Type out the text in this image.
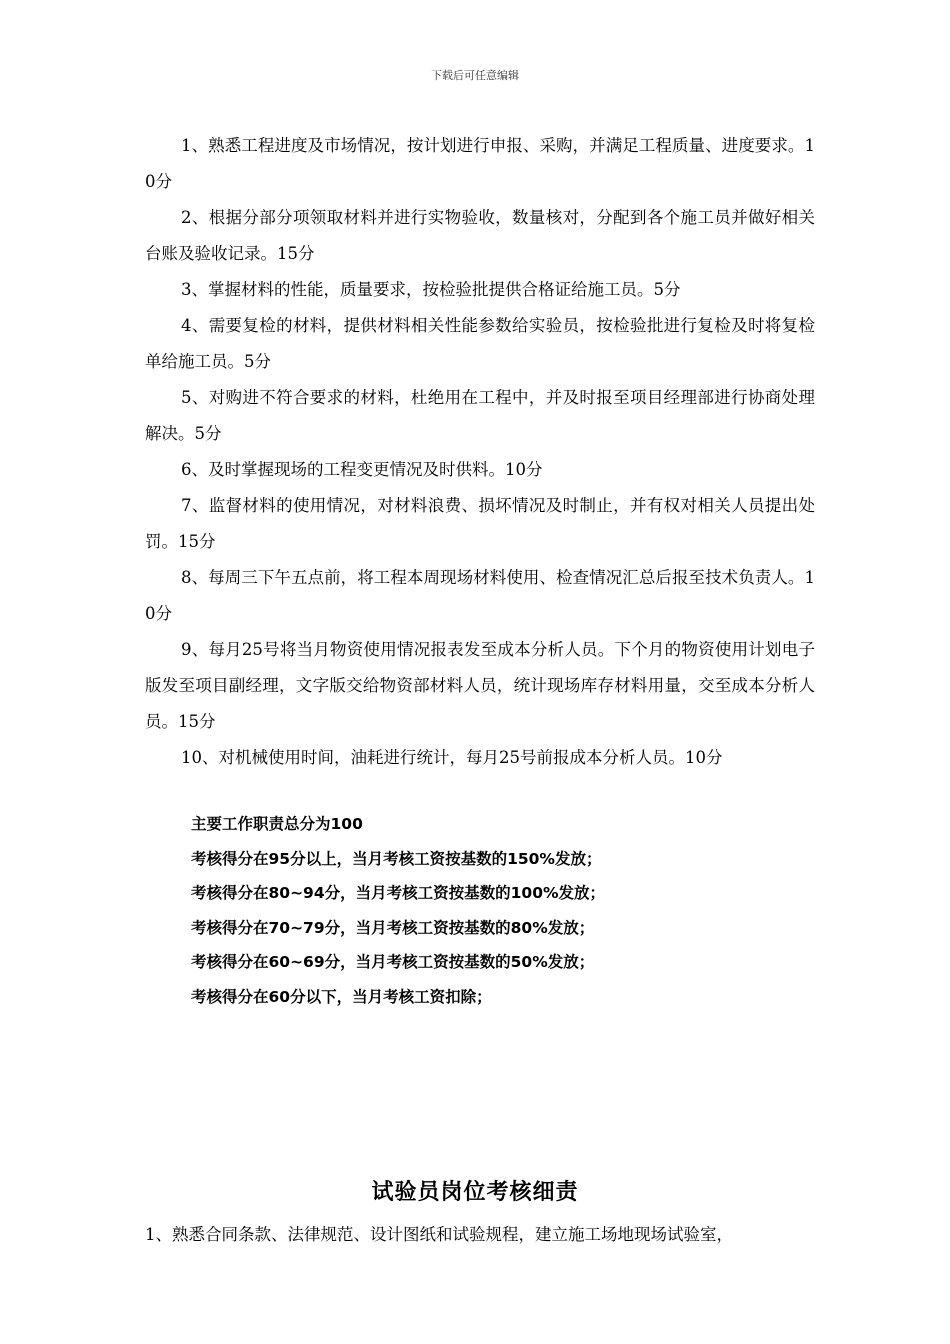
下载后可任意编辑

1、熟悉工程进度及市场情况，按计划进行申报、采购，并满足工程质量、进度要求。10分

2、根据分部分项领取材料并进行实物验收，数量核对，分配到各个施工员并做好相关台账及验收记录。15分

3、掌握材料的性能，质量要求，按检验批提供合格证给施工员。5分

4、需要复检的材料，提供材料相关性能参数给实验员，按检验批进行复检及时将复检单给施工员。5分

5、对购进不符合要求的材料，杜绝用在工程中，并及时报至项目经理部进行协商处理解决。5分

6、及时掌握现场的工程变更情况及时供料。10分

7、监督材料的使用情况，对材料浪费、损坏情况及时制止，并有权对相关人员提出处罚。15分

8、每周三下午五点前，将工程本周现场材料使用、检查情况汇总后报至技术负责人。10分

9、每月25号将当月物资使用情况报表发至成本分析人员。下个月的物资使用计划电子版发至项目副经理，文字版交给物资部材料人员，统计现场库存材料用量，交至成本分析人员。15分

10、对机械使用时间，油耗进行统计，每月25号前报成本分析人员。10分

主要工作职责总分为100
考核得分在95分以上，当月考核工资按基数的150%发放；
考核得分在80~94分，当月考核工资按基数的100%发放；
考核得分在70~79分，当月考核工资按基数的80%发放；
考核得分在60~69分，当月考核工资按基数的50%发放；
考核得分在60分以下，当月考核工资扣除；
试验员岗位考核细责
1、熟悉合同条款、法律规范、设计图纸和试验规程，建立施工场地现场试验室，
